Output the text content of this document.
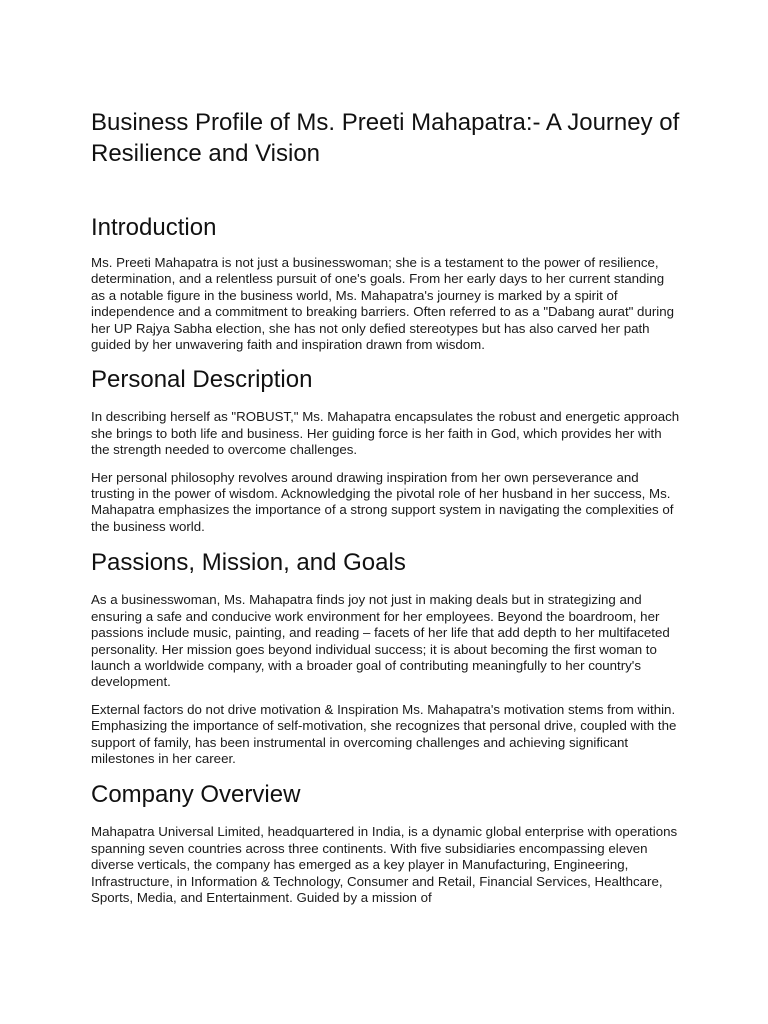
Business Profile of Ms. Preeti Mahapatra:- A Journey of Resilience and Vision
Introduction

Ms. Preeti Mahapatra is not just a businesswoman; she is a testament to the power of resilience, determination, and a relentless pursuit of one's goals. From her early days to her current standing as a notable figure in the business world, Ms. Mahapatra's journey is marked by a spirit of independence and a commitment to breaking barriers. Often referred to as a "Dabang aurat" during her UP Rajya Sabha election, she has not only defied stereotypes but has also carved her path guided by her unwavering faith and inspiration drawn from wisdom.

Personal Description

In describing herself as "ROBUST," Ms. Mahapatra encapsulates the robust and energetic approach she brings to both life and business. Her guiding force is her faith in God, which provides her with the strength needed to overcome challenges.

Her personal philosophy revolves around drawing inspiration from her own perseverance and trusting in the power of wisdom. Acknowledging the pivotal role of her husband in her success, Ms. Mahapatra emphasizes the importance of a strong support system in navigating the complexities of the business world.

Passions, Mission, and Goals

As a businesswoman, Ms. Mahapatra finds joy not just in making deals but in strategizing and ensuring a safe and conducive work environment for her employees. Beyond the boardroom, her passions include music, painting, and reading – facets of her life that add depth to her multifaceted personality. Her mission goes beyond individual success; it is about becoming the first woman to launch a worldwide company, with a broader goal of contributing meaningfully to her country's development.

External factors do not drive motivation & Inspiration Ms. Mahapatra's motivation stems from within. Emphasizing the importance of self-motivation, she recognizes that personal drive, coupled with the support of family, has been instrumental in overcoming challenges and achieving significant milestones in her career.

Company Overview

Mahapatra Universal Limited, headquartered in India, is a dynamic global enterprise with operations spanning seven countries across three continents. With five subsidiaries encompassing eleven diverse verticals, the company has emerged as a key player in Manufacturing, Engineering, Infrastructure, in Information & Technology, Consumer and Retail, Financial Services, Healthcare, Sports, Media, and Entertainment. Guided by a mission of
